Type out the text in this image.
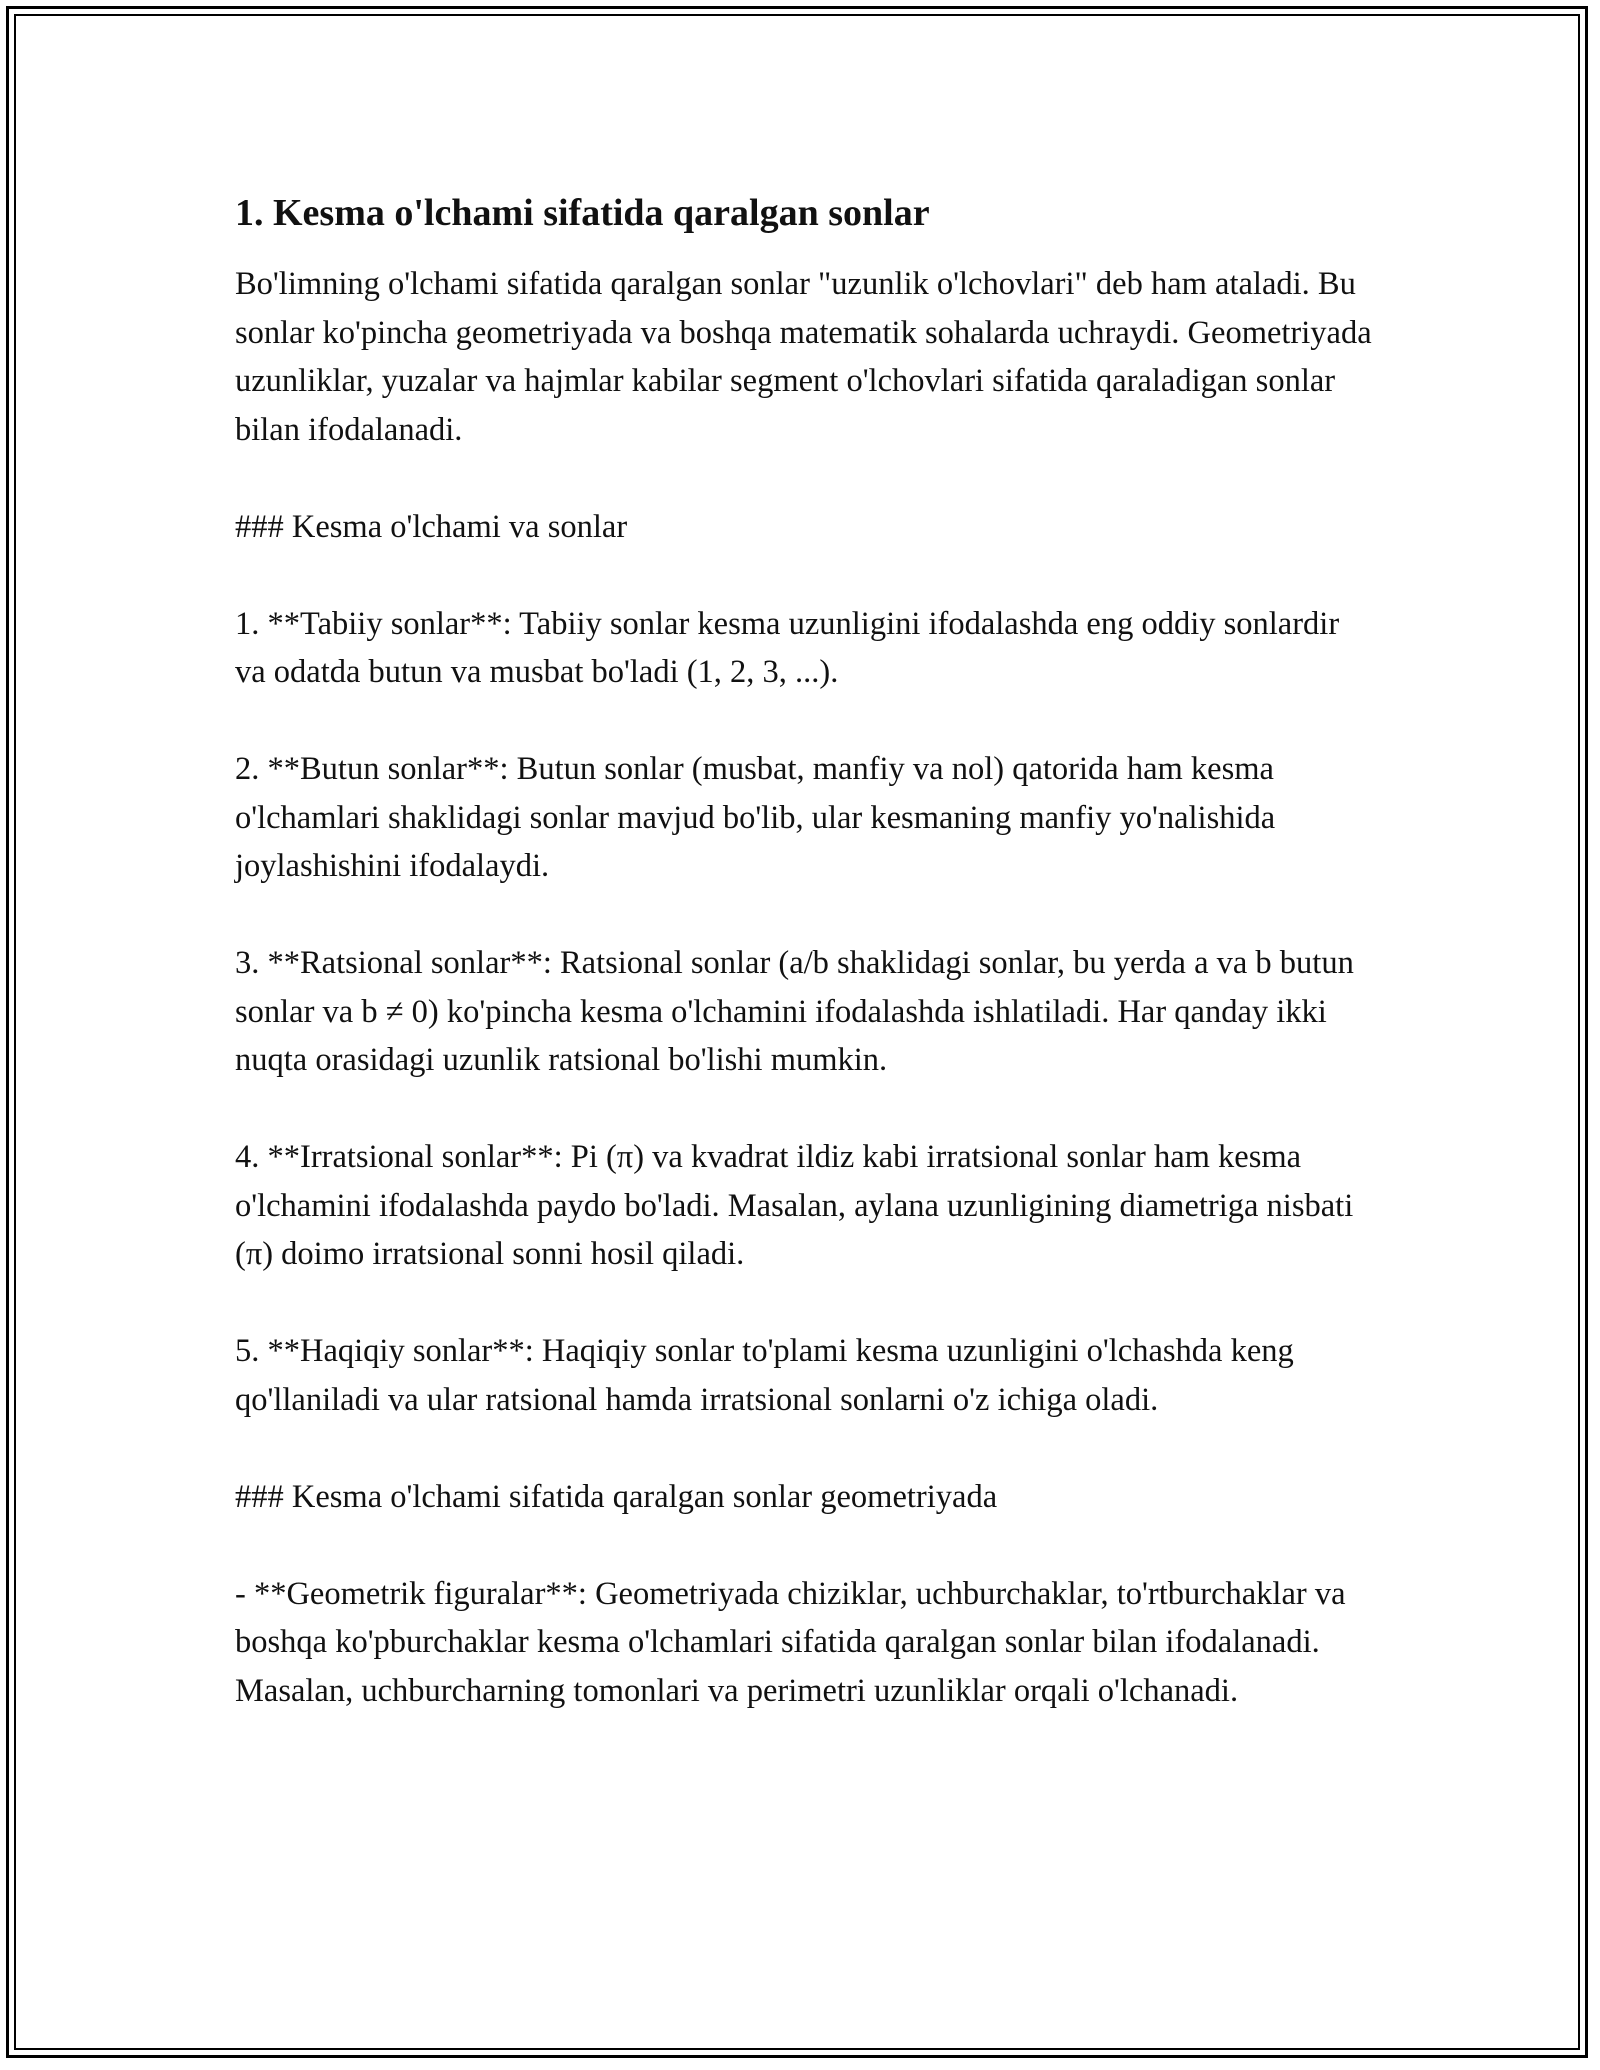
1. Kesma o'lchami sifatida qaralgan sonlar

Bo'limning o'lchami sifatida qaralgan sonlar "uzunlik o'lchovlari" deb ham ataladi. Bu sonlar ko'pincha geometriyada va boshqa matematik sohalarda uchraydi. Geometriyada uzunliklar, yuzalar va hajmlar kabilar segment o'lchovlari sifatida qaraladigan sonlar bilan ifodalanadi.

### Kesma o'lchami va sonlar

1. **Tabiiy sonlar**: Tabiiy sonlar kesma uzunligini ifodalashda eng oddiy sonlardir va odatda butun va musbat bo'ladi (1, 2, 3, ...).

2. **Butun sonlar**: Butun sonlar (musbat, manfiy va nol) qatorida ham kesma o'lchamlari shaklidagi sonlar mavjud bo'lib, ular kesmaning manfiy yo'nalishida joylashishini ifodalaydi.

3. **Ratsional sonlar**: Ratsional sonlar (a/b shaklidagi sonlar, bu yerda a va b butun sonlar va b ≠ 0) ko'pincha kesma o'lchamini ifodalashda ishlatiladi. Har qanday ikki nuqta orasidagi uzunlik ratsional bo'lishi mumkin.

4. **Irratsional sonlar**: Pi (π) va kvadrat ildiz kabi irratsional sonlar ham kesma o'lchamini ifodalashda paydo bo'ladi. Masalan, aylana uzunligining diametriga nisbati (π) doimo irratsional sonni hosil qiladi.

5. **Haqiqiy sonlar**: Haqiqiy sonlar to'plami kesma uzunligini o'lchashda keng qo'llaniladi va ular ratsional hamda irratsional sonlarni o'z ichiga oladi.

### Kesma o'lchami sifatida qaralgan sonlar geometriyada

- **Geometrik figuralar**: Geometriyada chiziklar, uchburchaklar, to'rtburchaklar va boshqa ko'pburchaklar kesma o'lchamlari sifatida qaralgan sonlar bilan ifodalanadi. Masalan, uchburcharning tomonlari va perimetri uzunliklar orqali o'lchanadi.
